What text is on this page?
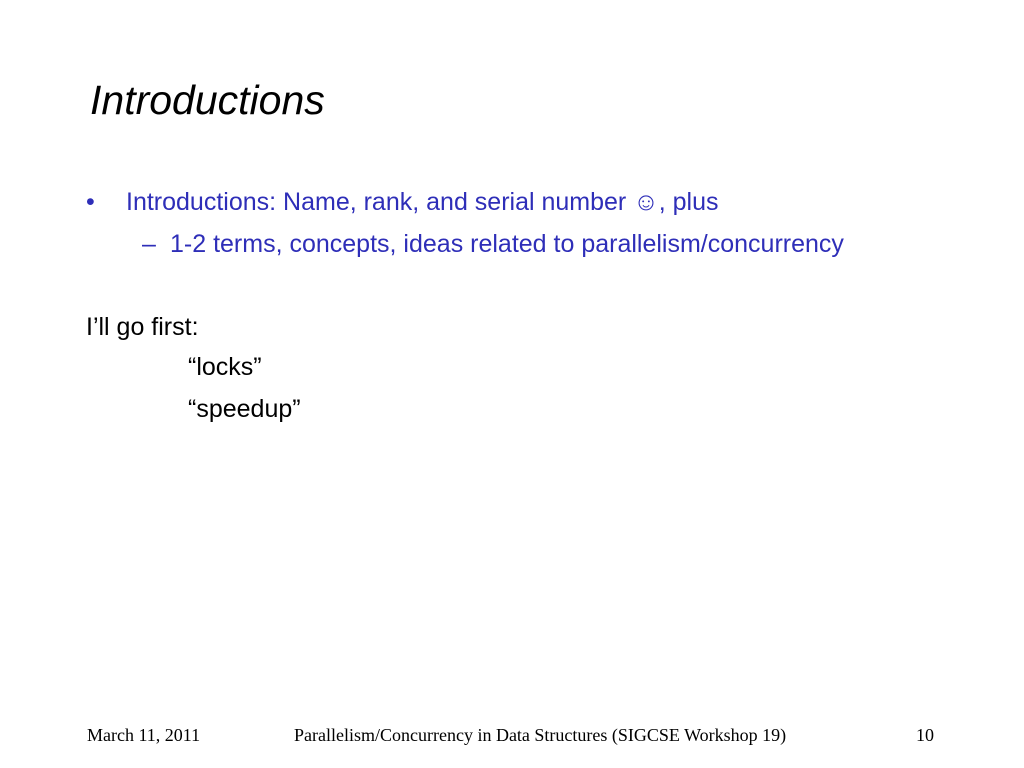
Introductions
• Introductions: Name, rank, and serial number ☺, plus
– 1-2 terms, concepts, ideas related to parallelism/concurrency
I’ll go first:
“locks”
“speedup”
March 11, 2011	Parallelism/Concurrency in Data Structures (SIGCSE Workshop 19)	10
